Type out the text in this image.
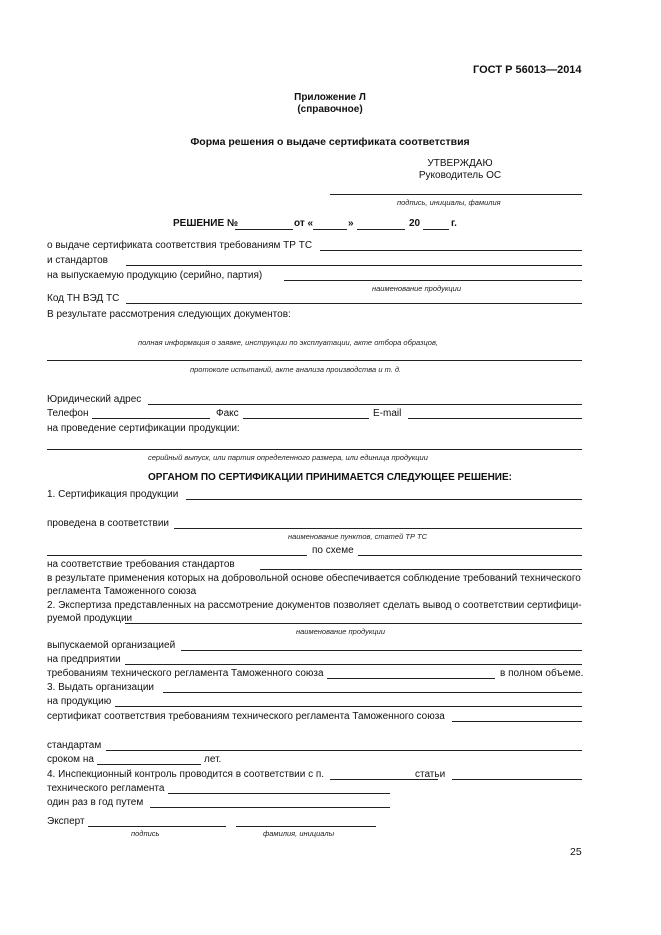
ГОСТ Р 56013—2014
Приложение Л
(справочное)
Форма решения о выдаче сертификата соответствия
УТВЕРЖДАЮ
Руководитель ОС
подпись, инициалы, фамилия
РЕШЕНИЕ №	от «	»	20	г.
о выдаче сертификата соответствия требованиям ТР ТС
и стандартов
на выпускаемую продукцию (серийно, партия)
наименование продукции
Код ТН ВЭД ТС
В результате рассмотрения следующих документов:
полная информация о заявке, инструкции по эксплуатации, акте отбора образцов,
протоколе испытаний, акте анализа производства и т. д.
Юридический адрес
Телефон	Факс	E-mail
на проведение сертификации продукции:
серийный выпуск, или партия определенного размера, или единица продукции
ОРГАНОМ ПО СЕРТИФИКАЦИИ ПРИНИМАЕТСЯ СЛЕДУЮЩЕЕ РЕШЕНИЕ:
1. Сертификация продукции
проведена в соответствии
наименование пунктов, статей ТР ТС
по схеме
на соответствие требования стандартов
в результате применения которых на добровольной основе обеспечивается соблюдение требований технического
регламента Таможенного союза
2. Экспертиза представленных на рассмотрение документов позволяет сделать вывод о соответствии сертифици-
руемой продукции
наименование продукции
выпускаемой организацией
на предприятии
требованиям технического регламента Таможенного союза	в полном объеме.
3. Выдать организации
на продукцию
сертификат соответствия требованиям технического регламента Таможенного союза
стандартам
сроком на	лет.
4. Инспекционный контроль проводится в соответствии с п.	статьи
технического регламента
один раз в год путем
Эксперт
подпись	фамилия, инициалы
25
